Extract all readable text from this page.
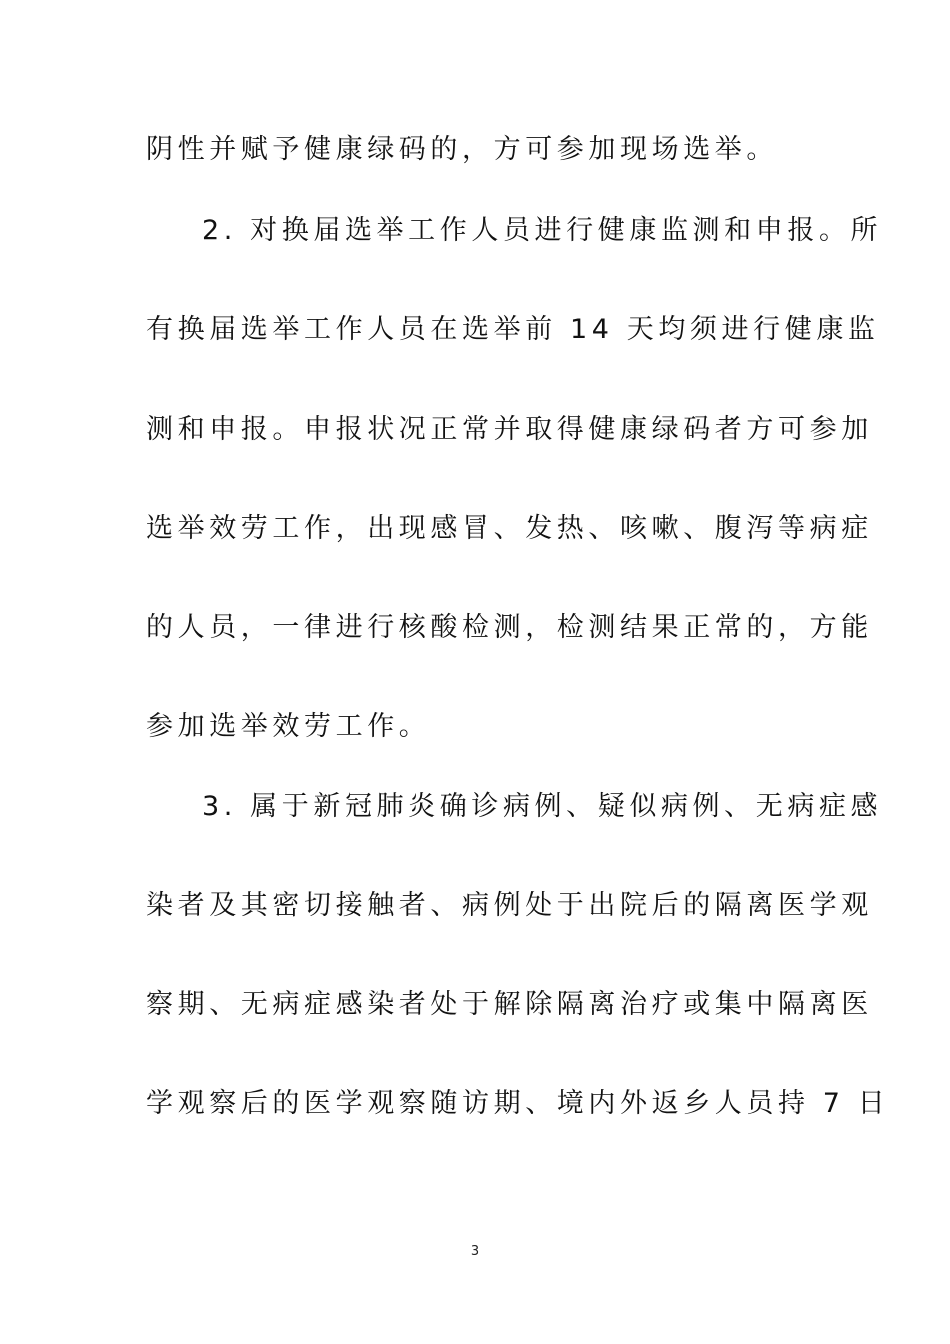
阴性并赋予健康绿码的，方可参加现场选举。
2. 对换届选举工作人员进行健康监测和申报。所
有换届选举工作人员在选举前 14 天均须进行健康监
测和申报。申报状况正常并取得健康绿码者方可参加
选举效劳工作，出现感冒、发热、咳嗽、腹泻等病症
的人员，一律进行核酸检测，检测结果正常的，方能
参加选举效劳工作。
3. 属于新冠肺炎确诊病例、疑似病例、无病症感
染者及其密切接触者、病例处于出院后的隔离医学观
察期、无病症感染者处于解除隔离治疗或集中隔离医
学观察后的医学观察随访期、境内外返乡人员持 7 日
3
